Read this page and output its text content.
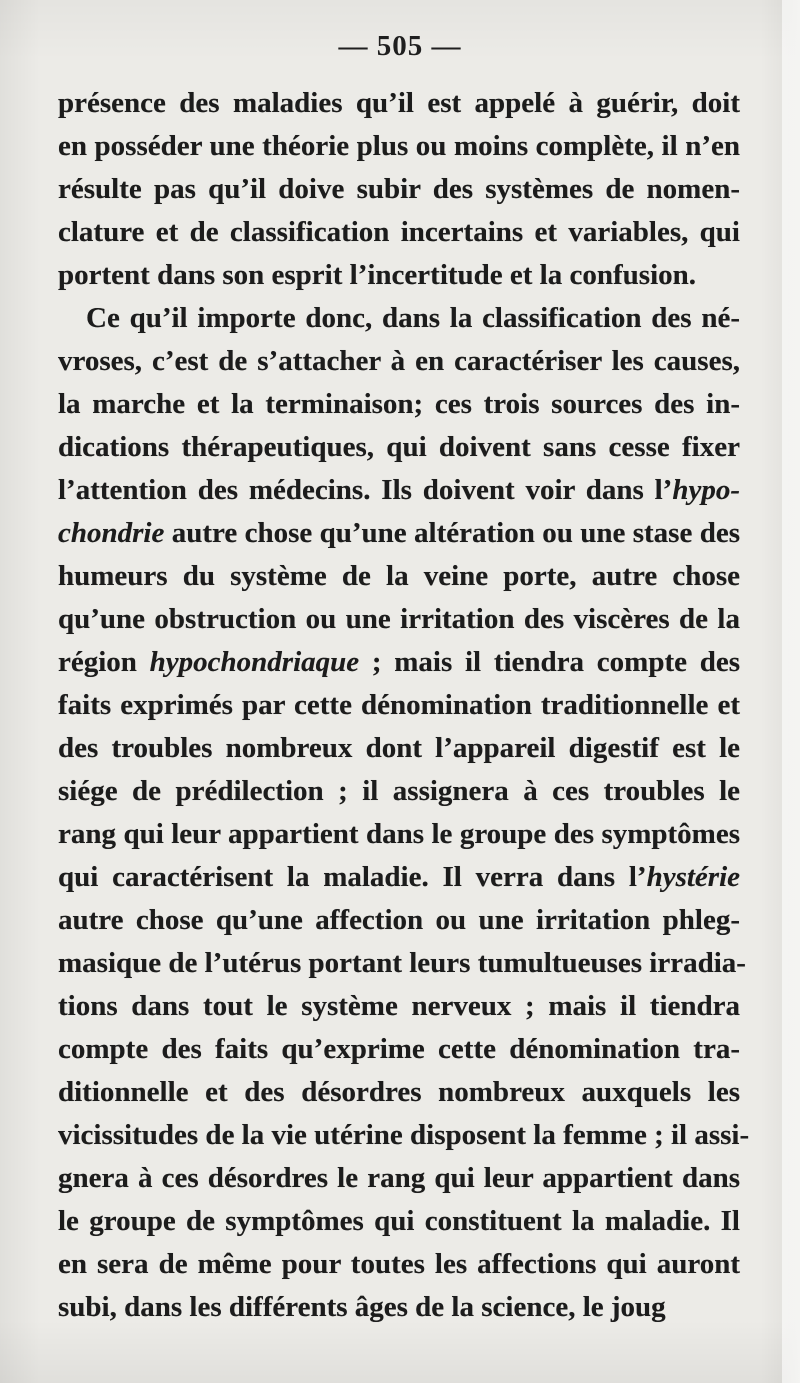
— 505 —
présence des maladies qu’il est appelé à guérir, doit
en posséder une théorie plus ou moins complète, il n’en
résulte pas qu’il doive subir des systèmes de nomen-
clature et de classification incertains et variables, qui
portent dans son esprit l’incertitude et la confusion.
Ce qu’il importe donc, dans la classification des né-
vroses, c’est de s’attacher à en caractériser les causes,
la marche et la terminaison; ces trois sources des in-
dications thérapeutiques, qui doivent sans cesse fixer
l’attention des médecins. Ils doivent voir dans l’hypo-
chondrie autre chose qu’une altération ou une stase des
humeurs du système de la veine porte, autre chose
qu’une obstruction ou une irritation des viscères de la
région hypochondriaque ; mais il tiendra compte des
faits exprimés par cette dénomination traditionnelle et
des troubles nombreux dont l’appareil digestif est le
siége de prédilection ; il assignera à ces troubles le
rang qui leur appartient dans le groupe des symptômes
qui caractérisent la maladie. Il verra dans l’hystérie
autre chose qu’une affection ou une irritation phleg-
masique de l’utérus portant leurs tumultueuses irradia-
tions dans tout le système nerveux ; mais il tiendra
compte des faits qu’exprime cette dénomination tra-
ditionnelle et des désordres nombreux auxquels les
vicissitudes de la vie utérine disposent la femme ; il assi-
gnera à ces désordres le rang qui leur appartient dans
le groupe de symptômes qui constituent la maladie. Il
en sera de même pour toutes les affections qui auront
subi, dans les différents âges de la science, le joug
